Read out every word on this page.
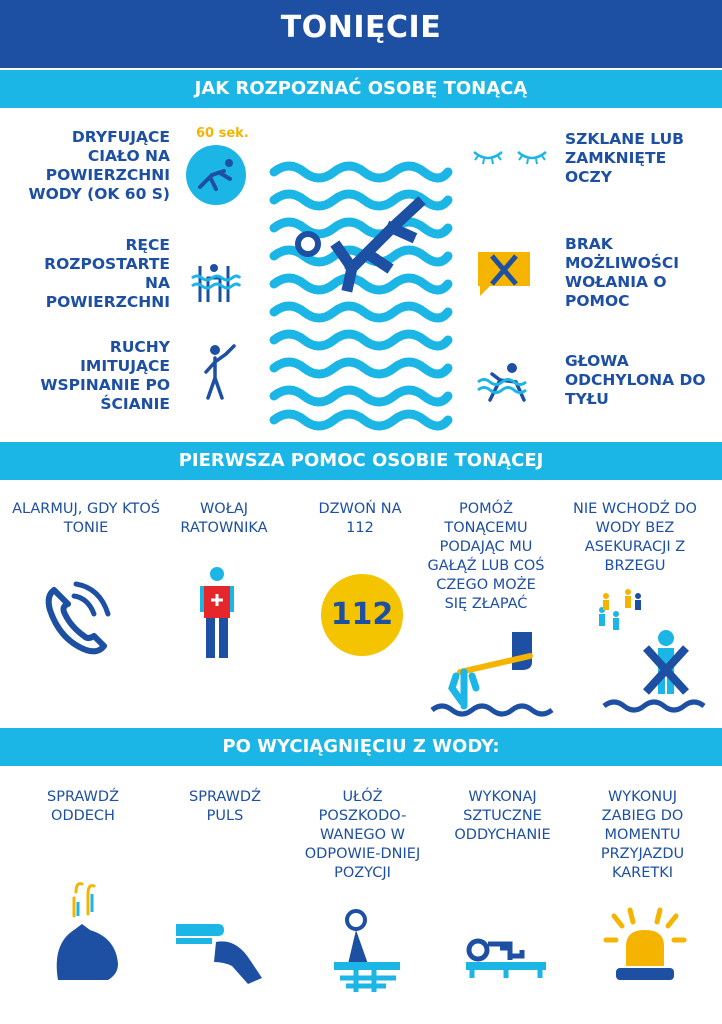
TONIĘCIE
JAK ROZPOZNAĆ OSOBĘ TONĄCĄ
DRYFUJĄCE CIAŁO NA POWIERZCHNI WODY (OK 60 S)
60 sek.
RĘCE ROZPOSTARTE NA POWIERZCHNI
RUCHY IMITUJĄCE WSPINANIE PO ŚCIANIE
SZKLANE LUB ZAMKNIĘTE OCZY
BRAK MOŻLIWOŚCI WOŁANIA O POMOC
GŁOWA ODCHYLONA DO TYŁU
PIERWSZA POMOC OSOBIE TONĄCEJ
ALARMUJ, GDY KTOŚ TONIE
WOŁAJ RATOWNIKA
DZWOŃ NA 112
POMÓŻ TONĄCEMU PODAJĄC MU GAŁĄŹ LUB COŚ CZEGO MOŻE SIĘ ZŁAPAĆ
NIE WCHODŹ DO WODY BEZ ASEKURACJI Z BRZEGU
112
PO WYCIĄGNIĘCIU Z WODY:
SPRAWDŹ ODDECH
SPRAWDŹ PULS
UŁÓŻ POSZKODO-WANEGO W ODPOWIE-DNIEJ POZYCJI
WYKONAJ SZTUCZNE ODDYCHANIE
WYKONUJ ZABIEG DO MOMENTU PRZYJAZDU KARETKI
